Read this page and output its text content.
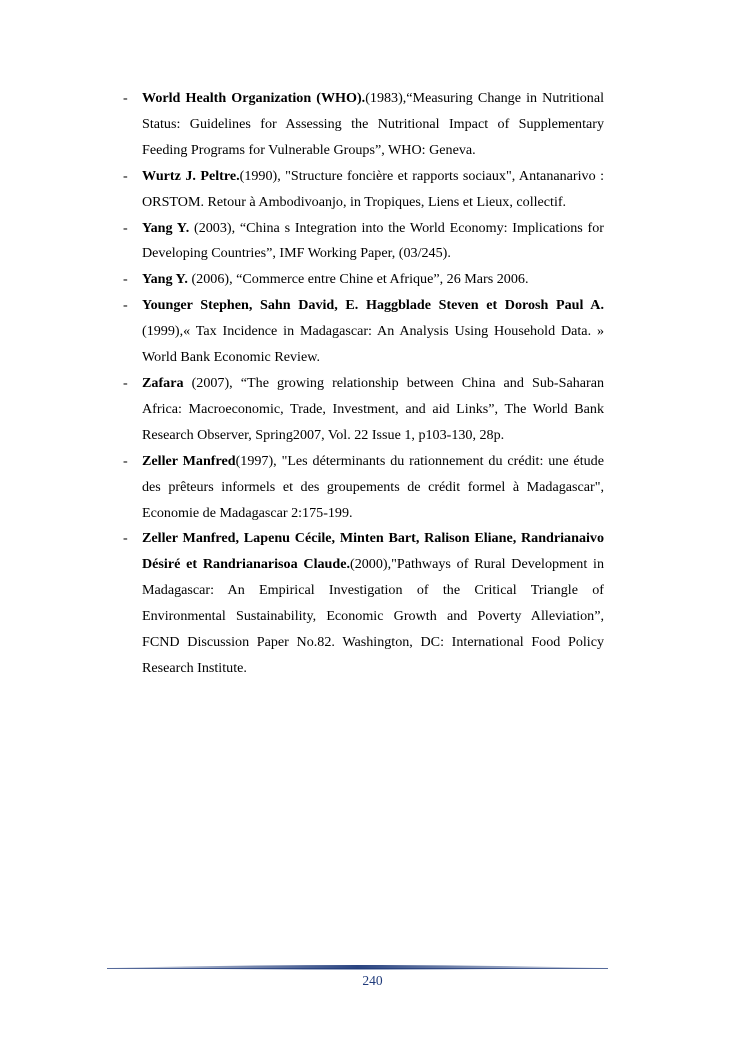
- World Health Organization (WHO).(1983),“Measuring Change in Nutritional Status: Guidelines for Assessing the Nutritional Impact of Supplementary Feeding Programs for Vulnerable Groups”, WHO: Geneva.
- Wurtz J. Peltre.(1990), "Structure foncière et rapports sociaux", Antananarivo : ORSTOM. Retour à Ambodivoanjo, in Tropiques, Liens et Lieux, collectif.
- Yang Y. (2003), “China s Integration into the World Economy: Implications for Developing Countries”, IMF Working Paper, (03/245).
- Yang Y. (2006), “Commerce entre Chine et Afrique”, 26 Mars 2006.
- Younger Stephen, Sahn David, E. Haggblade Steven et Dorosh Paul A.(1999),« Tax Incidence in Madagascar: An Analysis Using Household Data. » World Bank Economic Review.
- Zafara (2007), “The growing relationship between China and Sub-Saharan Africa: Macroeconomic, Trade, Investment, and aid Links”, The World Bank Research Observer, Spring2007, Vol. 22 Issue 1, p103-130, 28p.
- Zeller Manfred(1997), "Les déterminants du rationnement du crédit: une étude des prêteurs informels et des groupements de crédit formel à Madagascar", Economie de Madagascar 2:175-199.
- Zeller Manfred, Lapenu Cécile, Minten Bart, Ralison Eliane, Randrianaivo Désiré et Randrianarisoa Claude.(2000),"Pathways of Rural Development in Madagascar: An Empirical Investigation of the Critical Triangle of Environmental Sustainability, Economic Growth and Poverty Alleviation”, FCND Discussion Paper No.82. Washington, DC: International Food Policy Research Institute.
240
